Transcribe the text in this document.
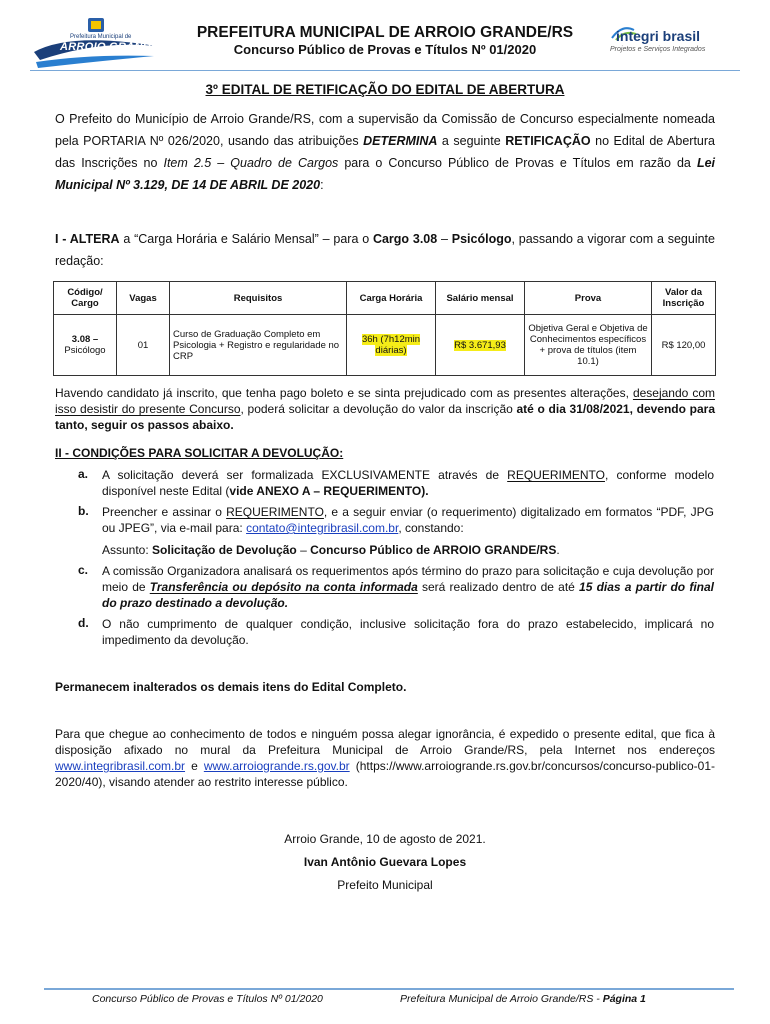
Prefeitura Municipal de
ARROIO GRANDE
PREFEITURA MUNICIPAL DE ARROIO GRANDE/RS
Concurso Público de Provas e Títulos Nº 01/2020
integri brasil
Projetos e Serviços Integrados
3º EDITAL DE RETIFICAÇÃO DO EDITAL DE ABERTURA
O Prefeito do Município de Arroio Grande/RS, com a supervisão da Comissão de Concurso especialmente nomeada pela PORTARIA Nº 026/2020, usando das atribuições DETERMINA a seguinte RETIFICAÇÃO no Edital de Abertura das Inscrições no Item 2.5 – Quadro de Cargos para o Concurso Público de Provas e Títulos em razão da Lei Municipal Nº 3.129, DE 14 DE ABRIL DE 2020:
I - ALTERA a “Carga Horária e Salário Mensal” – para o Cargo 3.08 – Psicólogo, passando a vigorar com a seguinte redação:
Código/ Cargo	Vagas	Requisitos	Carga Horária	Salário mensal	Prova	Valor da Inscrição
3.08 –
Psicólogo	01	Curso de Graduação Completo em Psicologia + Registro e regularidade no CRP	36h (7h12min diárias)	R$ 3.671,93	Objetiva Geral e Objetiva de Conhecimentos específicos + prova de títulos (item 10.1)	R$ 120,00
Havendo candidato já inscrito, que tenha pago boleto e se sinta prejudicado com as presentes alterações, desejando com isso desistir do presente Concurso, poderá solicitar a devolução do valor da inscrição até o dia 31/08/2021, devendo para tanto, seguir os passos abaixo.
II - CONDIÇÕES PARA SOLICITAR A DEVOLUÇÃO:
a. A solicitação deverá ser formalizada EXCLUSIVAMENTE através de REQUERIMENTO, conforme modelo disponível neste Edital (vide ANEXO A – REQUERIMENTO).
b. Preencher e assinar o REQUERIMENTO, e a seguir enviar (o requerimento) digitalizado em formatos “PDF, JPG ou JPEG”, via e-mail para: contato@integribrasil.com.br, constando:
Assunto: Solicitação de Devolução – Concurso Público de ARROIO GRANDE/RS.
c. A comissão Organizadora analisará os requerimentos após término do prazo para solicitação e cuja devolução por meio de Transferência ou depósito na conta informada será realizado dentro de até 15 dias a partir do final do prazo destinado a devolução.
d. O não cumprimento de qualquer condição, inclusive solicitação fora do prazo estabelecido, implicará no impedimento da devolução.
Permanecem inalterados os demais itens do Edital Completo.
Para que chegue ao conhecimento de todos e ninguém possa alegar ignorância, é expedido o presente edital, que fica à disposição afixado no mural da Prefeitura Municipal de Arroio Grande/RS, pela Internet nos endereços www.integribrasil.com.br e www.arroiogrande.rs.gov.br (https://www.arroiogrande.rs.gov.br/concursos/concurso-publico-01-2020/40), visando atender ao restrito interesse público.
Arroio Grande, 10 de agosto de 2021.
Ivan Antônio Guevara Lopes
Prefeito Municipal
Concurso Público de Provas e Títulos Nº 01/2020	Prefeitura Municipal de Arroio Grande/RS - Página 1
